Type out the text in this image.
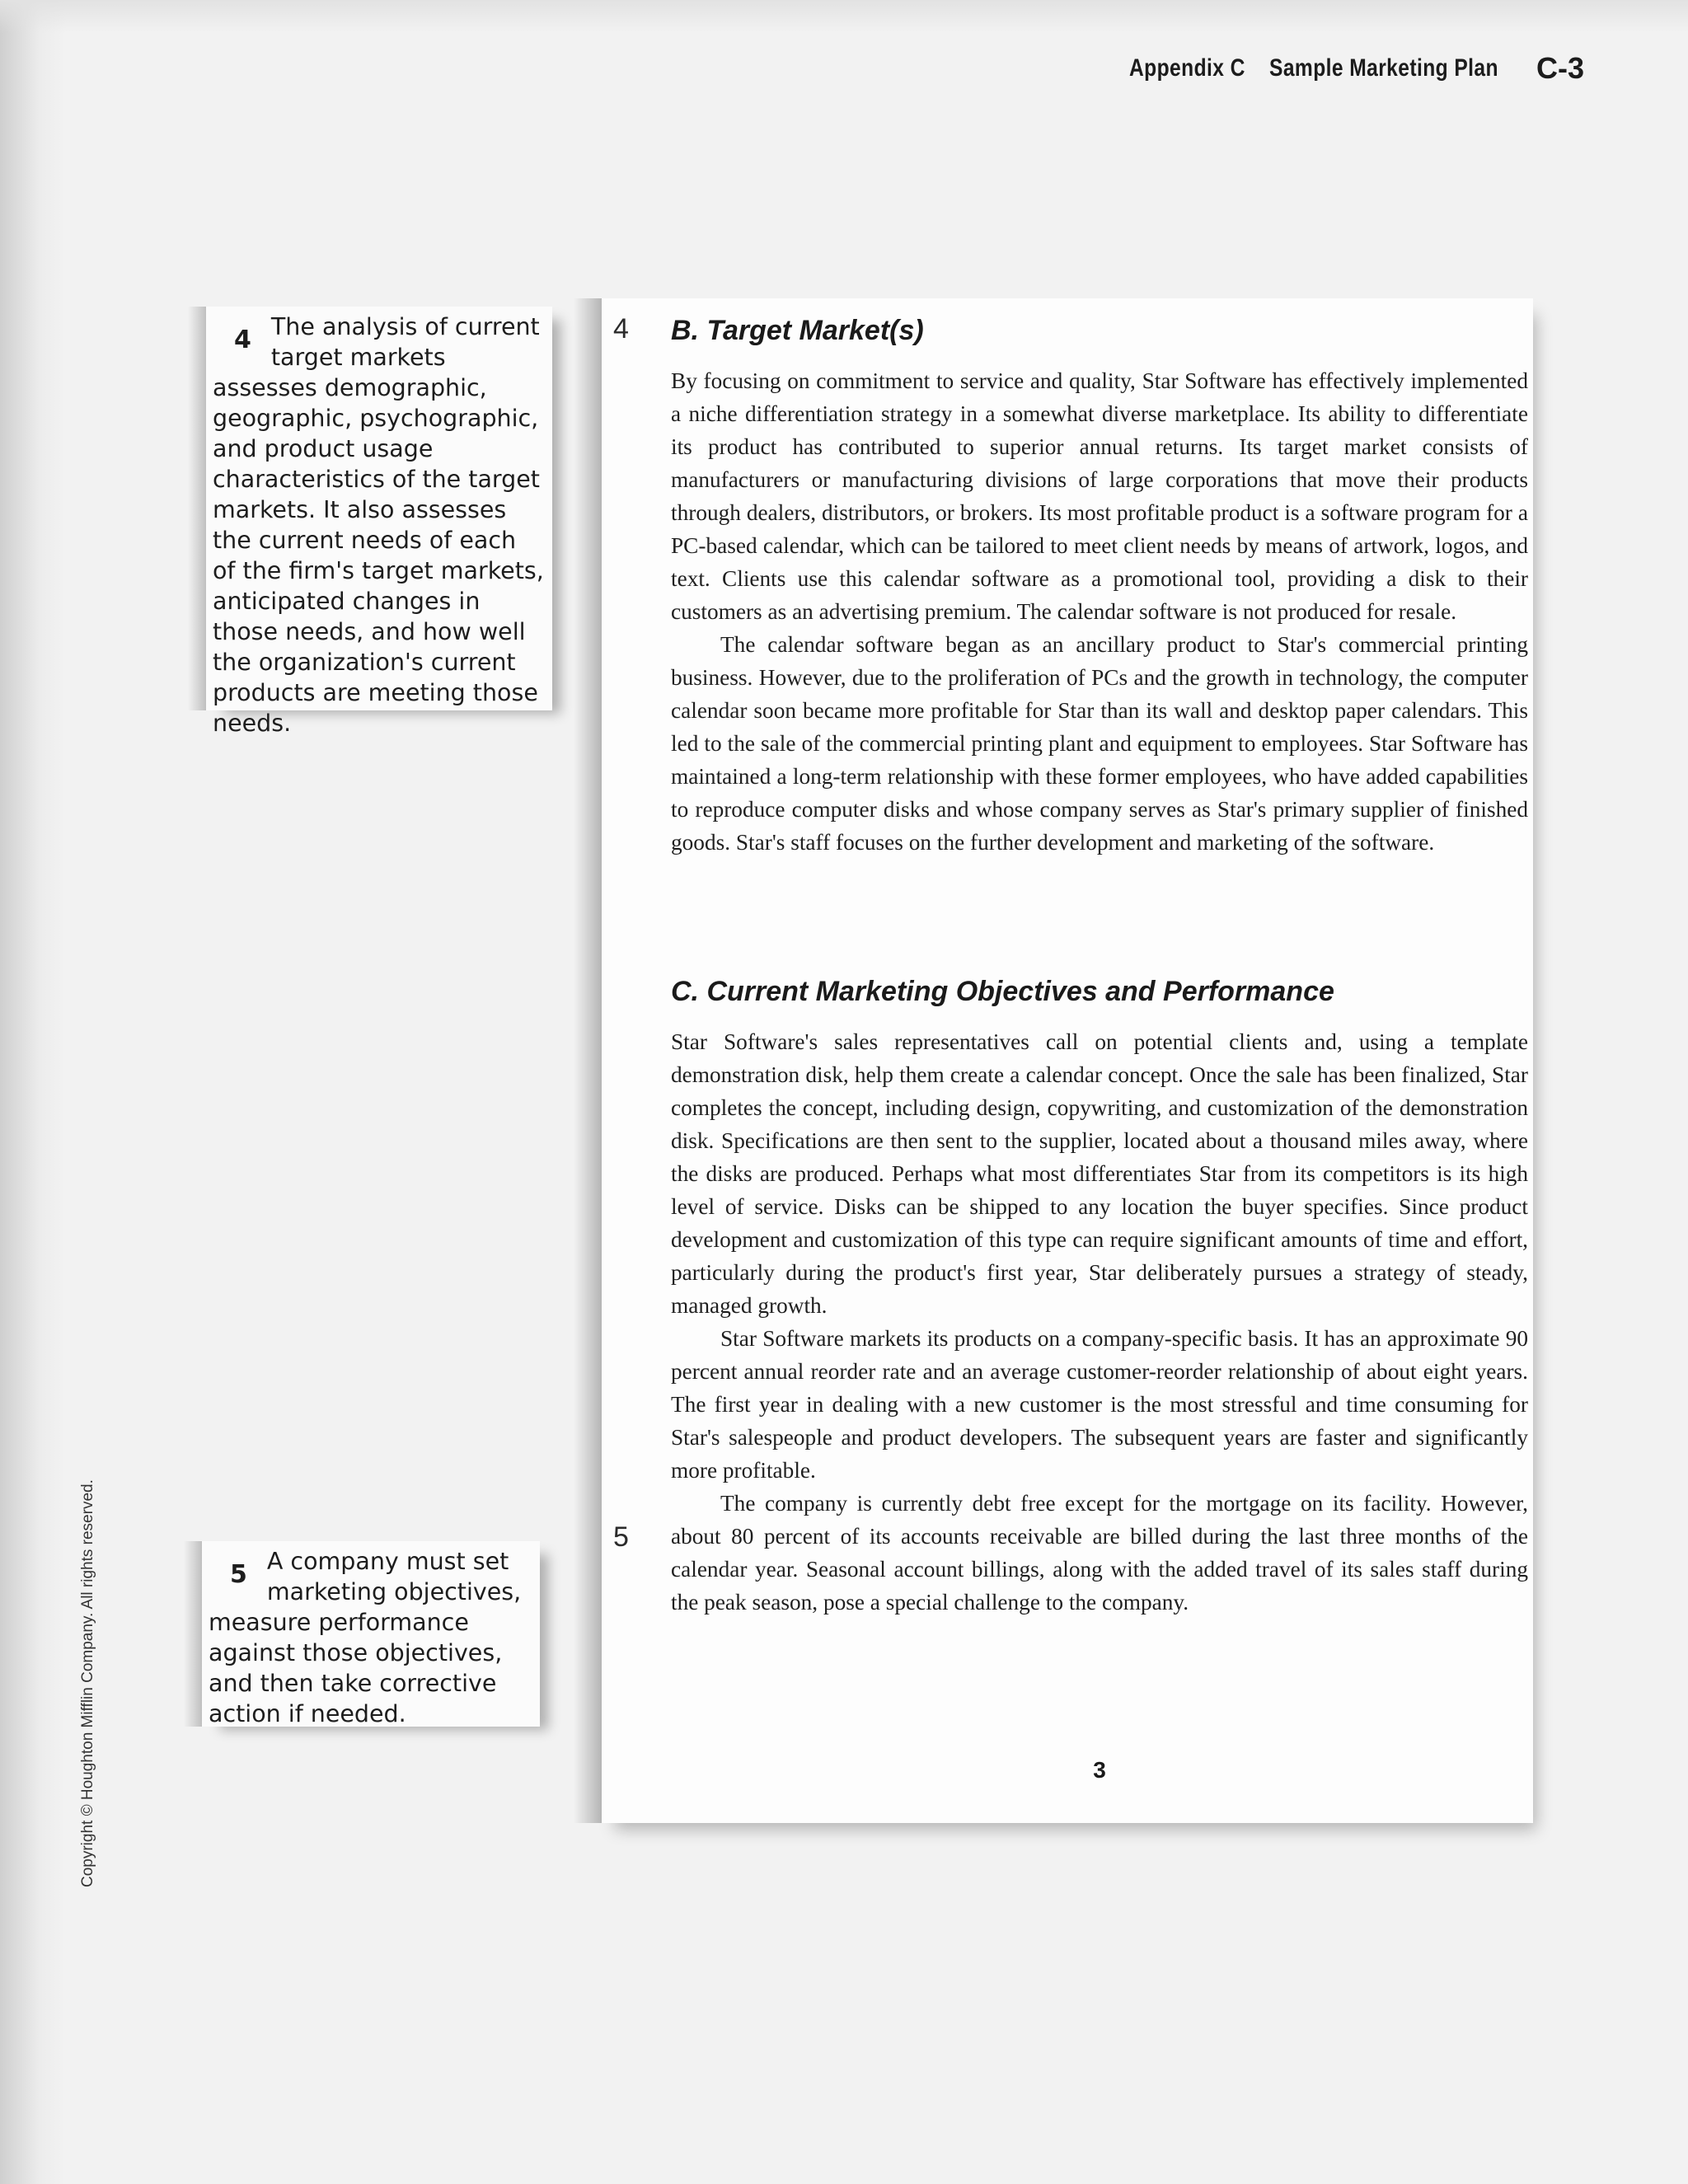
Appendix C Sample Marketing Plan C-3
Copyright © Houghton Mifflin Company. All rights reserved.

4 The analysis of current target markets assesses demographic, geographic, psychographic, and product usage characteristics of the target markets. It also assesses the current needs of each of the firm's target markets, anticipated changes in those needs, and how well the organization's current products are meeting those needs.

5 A company must set marketing objectives, measure performance against those objectives, and then take corrective action if needed.

4
5
B. Target Market(s)

By focusing on commitment to service and quality, Star Software has effectively implemented a niche differentiation strategy in a somewhat diverse marketplace. Its ability to differentiate its product has contributed to superior annual returns. Its target market consists of manufacturers or manufacturing divisions of large corporations that move their products through dealers, distributors, or brokers. Its most profitable product is a software program for a PC-based calendar, which can be tailored to meet client needs by means of artwork, logos, and text. Clients use this calendar software as a promotional tool, providing a disk to their customers as an advertising premium. The calendar software is not produced for resale.

The calendar software began as an ancillary product to Star's commercial printing business. However, due to the proliferation of PCs and the growth in technology, the computer calendar soon became more profitable for Star than its wall and desktop paper calendars. This led to the sale of the commercial printing plant and equipment to employees. Star Software has maintained a long-term relationship with these former employees, who have added capabilities to reproduce computer disks and whose company serves as Star's primary supplier of finished goods. Star's staff focuses on the further development and marketing of the software.

C. Current Marketing Objectives and Performance

Star Software's sales representatives call on potential clients and, using a template demonstration disk, help them create a calendar concept. Once the sale has been finalized, Star completes the concept, including design, copywriting, and customization of the demonstration disk. Specifications are then sent to the supplier, located about a thousand miles away, where the disks are produced. Perhaps what most differentiates Star from its competitors is its high level of service. Disks can be shipped to any location the buyer specifies. Since product development and customization of this type can require significant amounts of time and effort, particularly during the product's first year, Star deliberately pursues a strategy of steady, managed growth.

Star Software markets its products on a company-specific basis. It has an approximate 90 percent annual reorder rate and an average customer-reorder relationship of about eight years. The first year in dealing with a new customer is the most stressful and time consuming for Star's salespeople and product developers. The subsequent years are faster and significantly more profitable.

The company is currently debt free except for the mortgage on its facility. However, about 80 percent of its accounts receivable are billed during the last three months of the calendar year. Seasonal account billings, along with the added travel of its sales staff during the peak season, pose a special challenge to the company.

3
